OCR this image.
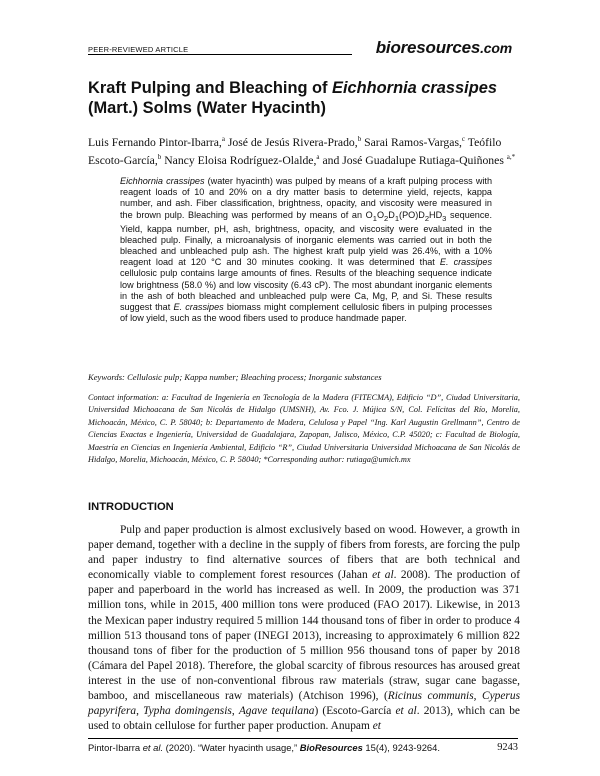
PEER-REVIEWED ARTICLE	bioresources.com
Kraft Pulping and Bleaching of Eichhornia crassipes
(Mart.) Solms (Water Hyacinth)
Luis Fernando Pintor-Ibarra,$^a$ José de Jesús Rivera-Prado,$^b$ Sarai Ramos-Vargas,$^c$ Teófilo Escoto-García,$^b$ Nancy Eloisa Rodríguez-Olalde,$^a$ and José Guadalupe Rutiaga-Quiñones $^{a,*}$
Eichhornia crassipes (water hyacinth) was pulped by means of a kraft pulping process with reagent loads of 10 and 20% on a dry matter basis to determine yield, rejects, kappa number, and ash. Fiber classification, brightness, opacity, and viscosity were measured in the brown pulp. Bleaching was performed by means of an $O_1O_2D_1(PO)D_2HD_3$ sequence. Yield, kappa number, pH, ash, brightness, opacity, and viscosity were evaluated in the bleached pulp. Finally, a microanalysis of inorganic elements was carried out in both the bleached and unbleached pulp ash. The highest kraft pulp yield was 26.4%, with a 10% reagent load at 120 °C and 30 minutes cooking. It was determined that E. crassipes cellulosic pulp contains large amounts of fines. Results of the bleaching sequence indicate low brightness (58.0 %) and low viscosity (6.43 cP). The most abundant inorganic elements in the ash of both bleached and unbleached pulp were Ca, Mg, P, and Si. These results suggest that E. crassipes biomass might complement cellulosic fibers in pulping processes of low yield, such as the wood fibers used to produce handmade paper.
Keywords: Cellulosic pulp; Kappa number; Bleaching process; Inorganic substances
Contact information: a: Facultad de Ingeniería en Tecnología de la Madera (FITECMA), Edificio “D”, Ciudad Universitaria, Universidad Michoacana de San Nicolás de Hidalgo (UMSNH), Av. Fco. J. Mújica S/N, Col. Felícitas del Río, Morelia, Michoacán, México, C. P. 58040; b: Departamento de Madera, Celulosa y Papel “Ing. Karl Augustin Grellmann”, Centro de Ciencias Exactas e Ingeniería, Universidad de Guadalajara, Zapopan, Jalisco, México, C.P. 45020; c: Facultad de Biología, Maestría en Ciencias en Ingeniería Ambiental, Edificio “R”, Ciudad Universitaria Universidad Michoacana de San Nicolás de Hidalgo, Morelia, Michoacán, México, C. P. 58040; *Corresponding author: rutiaga@umich.mx
INTRODUCTION

Pulp and paper production is almost exclusively based on wood. However, a growth in paper demand, together with a decline in the supply of fibers from forests, are forcing the pulp and paper industry to find alternative sources of fibers that are both technical and economically viable to complement forest resources (Jahan et al. 2008). The production of paper and paperboard in the world has increased as well. In 2009, the production was 371 million tons, while in 2015, 400 million tons were produced (FAO 2017). Likewise, in 2013 the Mexican paper industry required 5 million 144 thousand tons of fiber in order to produce 4 million 513 thousand tons of paper (INEGI 2013), increasing to approximately 6 million 822 thousand tons of fiber for the production of 5 million 956 thousand tons of paper by 2018 (Cámara del Papel 2018). Therefore, the global scarcity of fibrous resources has aroused great interest in the use of non-conventional fibrous raw materials (straw, sugar cane bagasse, bamboo, and miscellaneous raw materials) (Atchison 1996), (Ricinus communis, Cyperus papyrifera, Typha domingensis, Agave tequilana) (Escoto-García et al. 2013), which can be used to obtain cellulose for further paper production. Anupam et

Pintor-Ibarra et al. (2020). “Water hyacinth usage,” BioResources 15(4), 9243-9264.	9243
